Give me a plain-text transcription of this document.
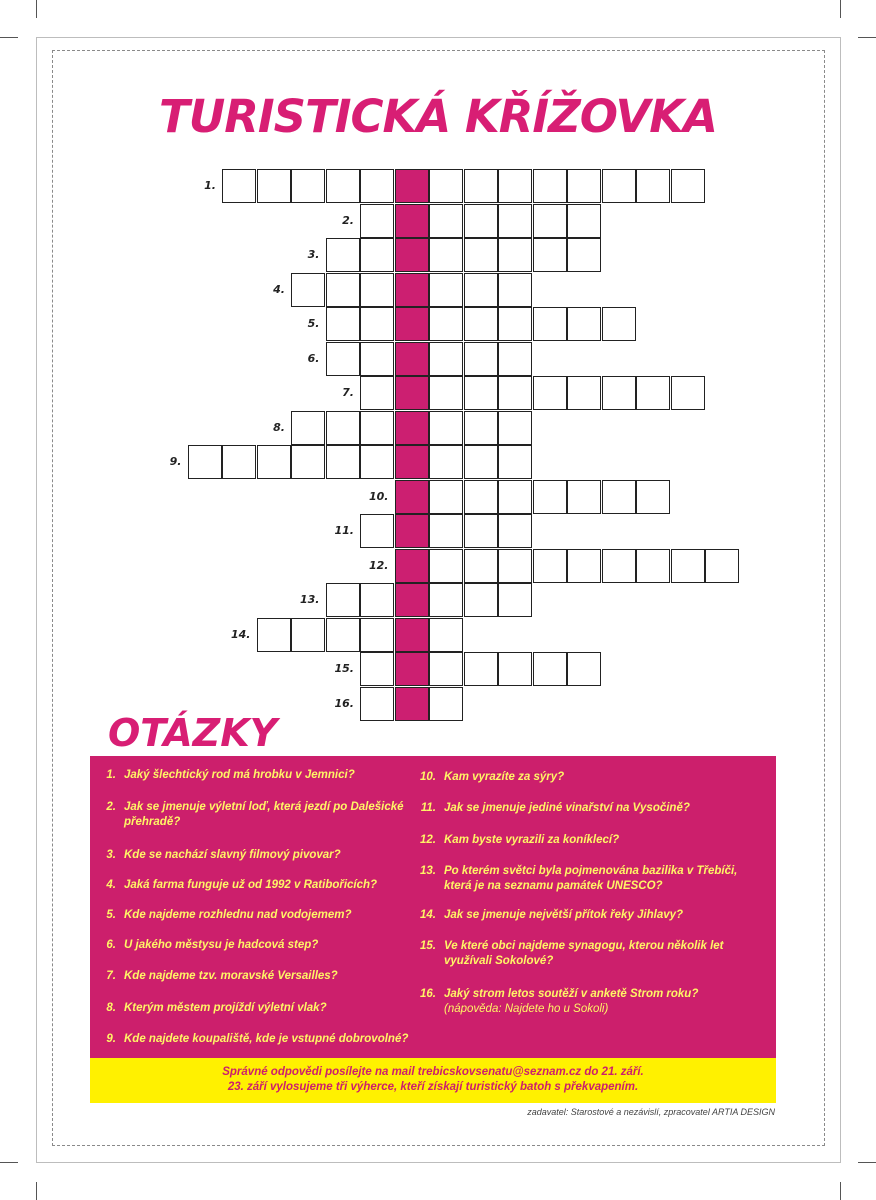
TURISTICKÁ KŘÍŽOVKA
1.
2.
3.
4.
5.
6.
7.
8.
9.
10.
11.
12.
13.
14.
15.
16.
OTÁZKY
1. Jaký šlechtický rod má hrobku v Jemnici?
2. Jak se jmenuje výletní loď, která jezdí po Dalešické přehradě?
3. Kde se nachází slavný filmový pivovar?
4. Jaká farma funguje už od 1992 v Ratibořicích?
5. Kde najdeme rozhlednu nad vodojemem?
6. U jakého městysu je hadcová step?
7. Kde najdeme tzv. moravské Versailles?
8. Kterým městem projíždí výletní vlak?
9. Kde najdete koupaliště, kde je vstupné dobrovolné?
10. Kam vyrazíte za sýry?
11. Jak se jmenuje jediné vinařství na Vysočině?
12. Kam byste vyrazili za koníklecí?
13. Po kterém světci byla pojmenována bazilika v Třebíči, která je na seznamu památek UNESCO?
14. Jak se jmenuje největší přítok řeky Jihlavy?
15. Ve které obci najdeme synagogu, kterou několik let využívali Sokolové?
16. Jaký strom letos soutěží v anketě Strom roku?
(nápověda: Najdete ho u Sokoli)
Správné odpovědi posílejte na mail trebicskovsenatu@seznam.cz do 21. září.
23. září vylosujeme tři výherce, kteří získají turistický batoh s překvapením.
zadavatel: Starostové a nezávislí, zpracovatel ARTIA DESIGN
